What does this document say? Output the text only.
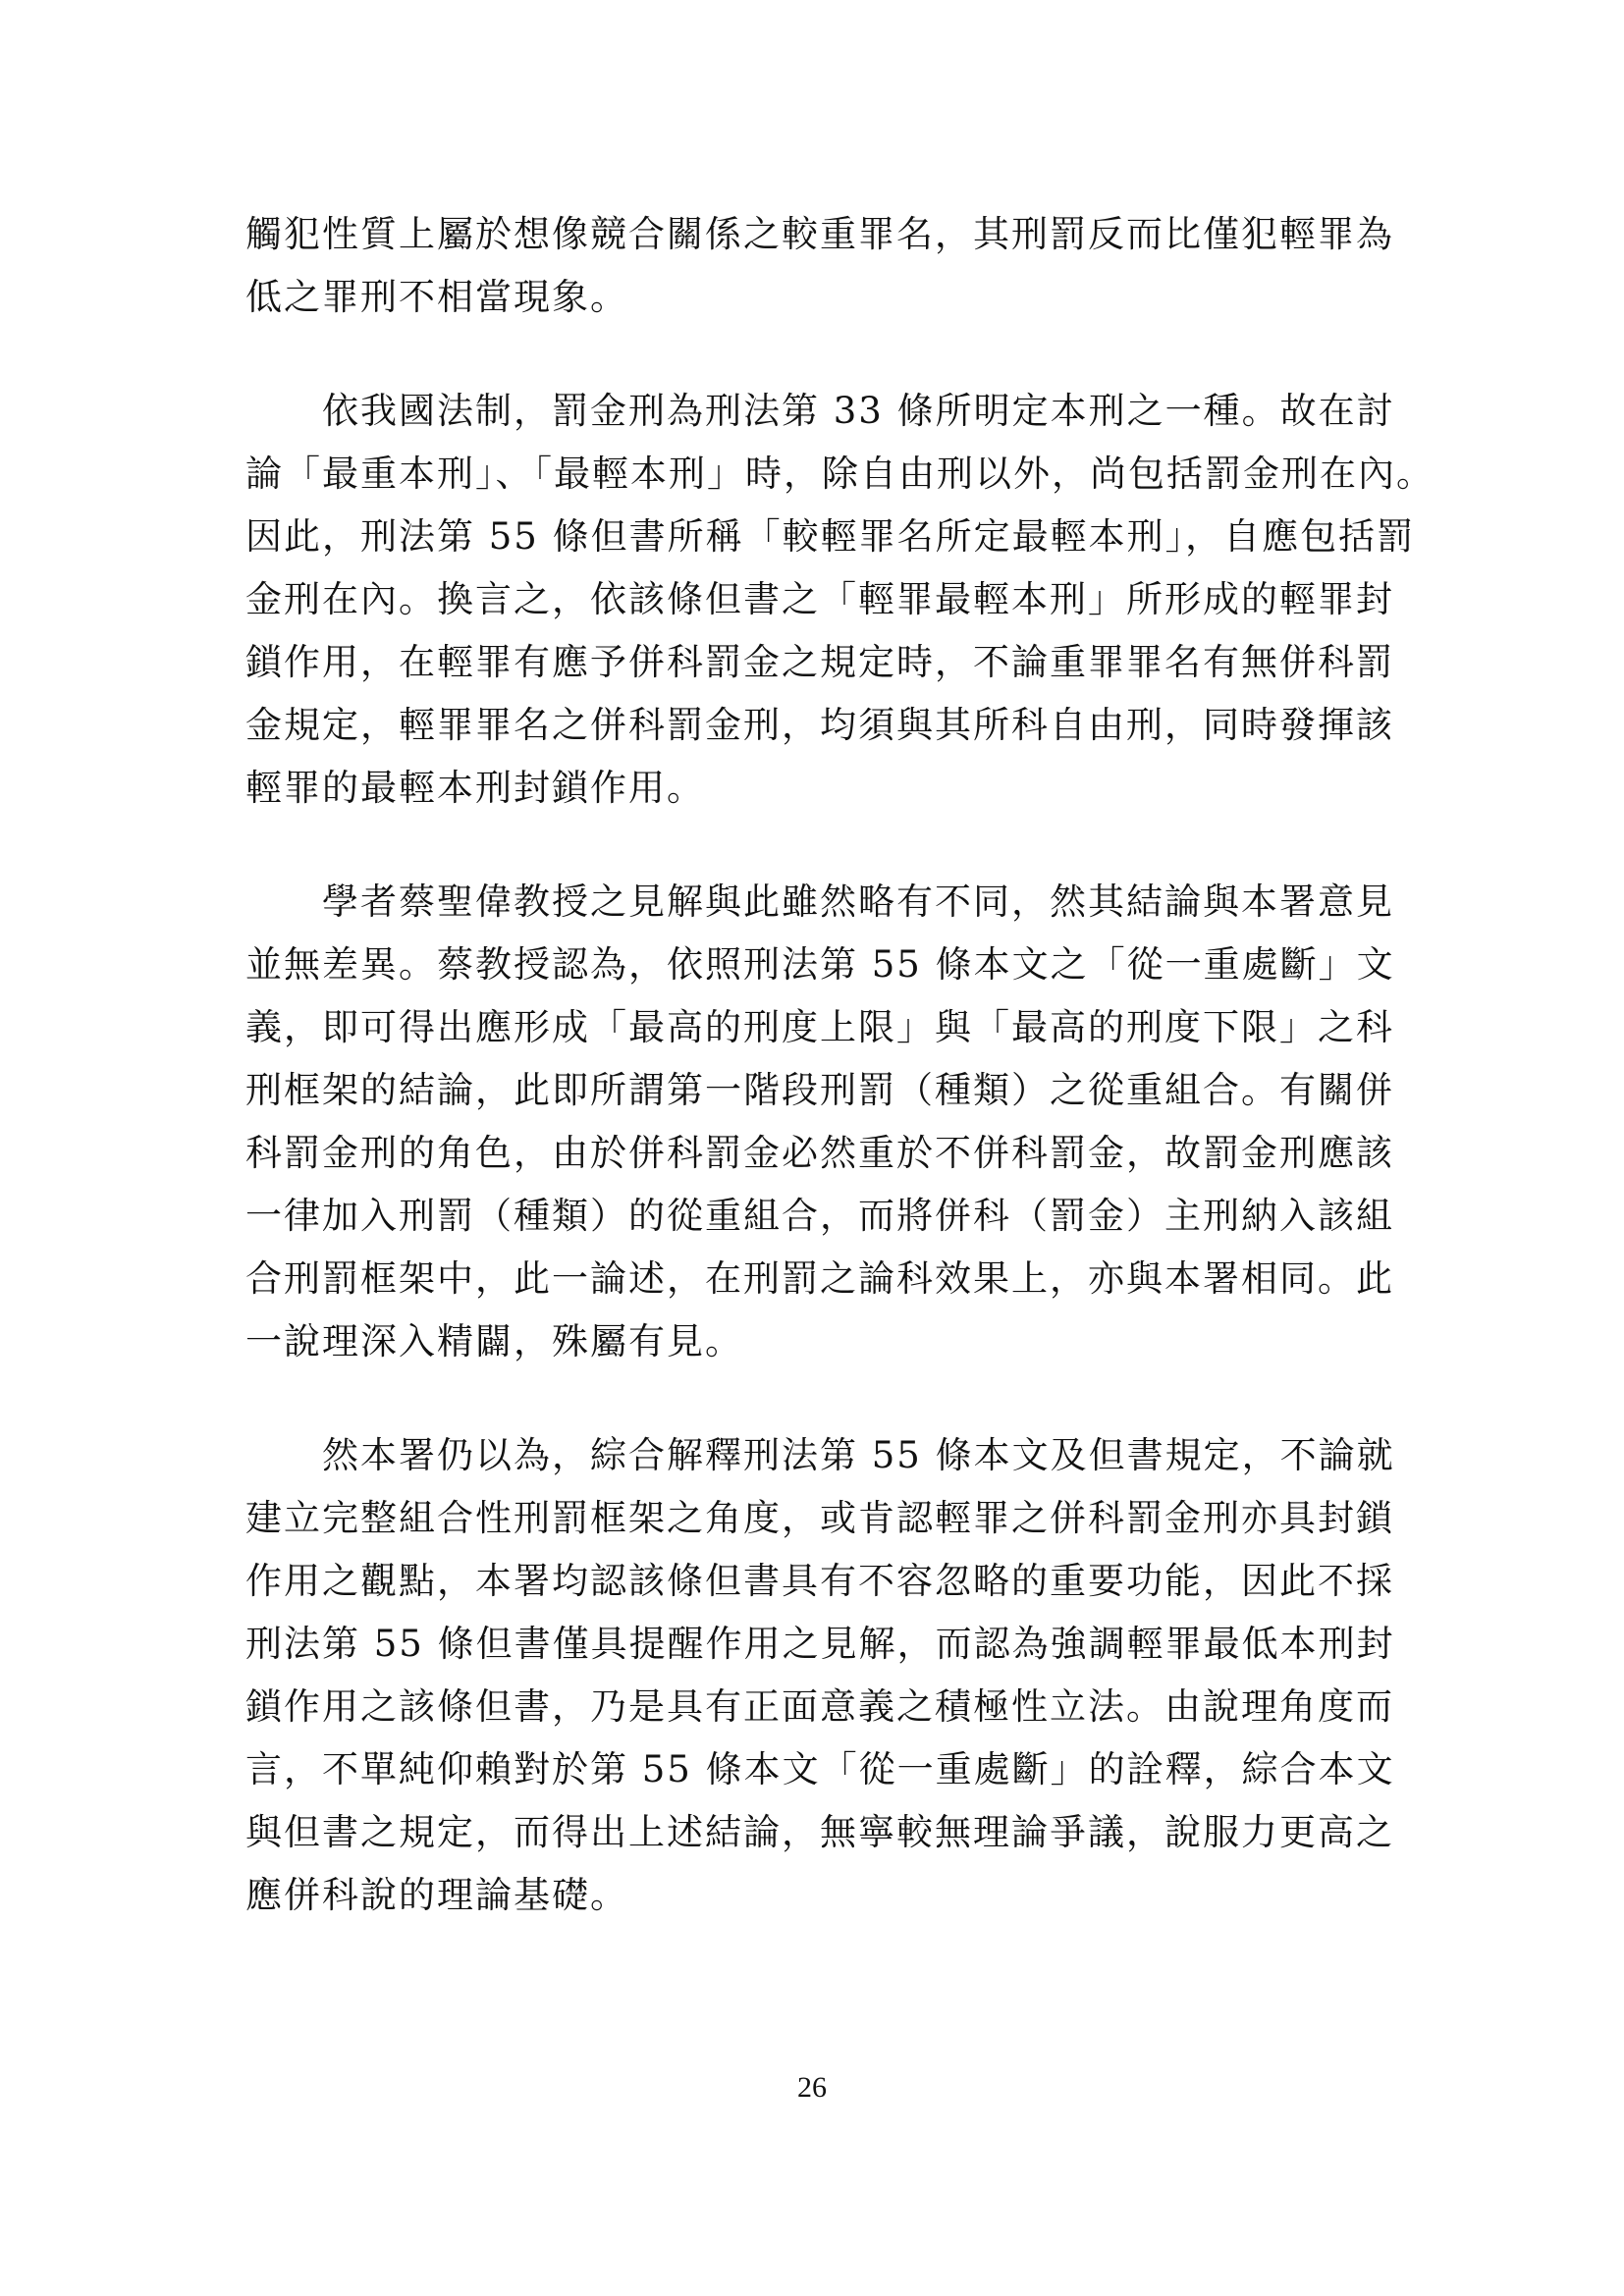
觸犯性質上屬於想像競合關係之較重罪名，其刑罰反而比僅犯輕罪為
低之罪刑不相當現象。
　　依我國法制，罰金刑為刑法第 33 條所明定本刑之一種。故在討
論「最重本刑」、「最輕本刑」時，除自由刑以外，尚包括罰金刑在內。
因此，刑法第 55 條但書所稱「較輕罪名所定最輕本刑」，自應包括罰
金刑在內。換言之，依該條但書之「輕罪最輕本刑」所形成的輕罪封
鎖作用，在輕罪有應予併科罰金之規定時，不論重罪罪名有無併科罰
金規定，輕罪罪名之併科罰金刑，均須與其所科自由刑，同時發揮該
輕罪的最輕本刑封鎖作用。
　　學者蔡聖偉教授之見解與此雖然略有不同，然其結論與本署意見
並無差異。蔡教授認為，依照刑法第 55 條本文之「從一重處斷」文
義，即可得出應形成「最高的刑度上限」與「最高的刑度下限」之科
刑框架的結論，此即所謂第一階段刑罰（種類）之從重組合。有關併
科罰金刑的角色，由於併科罰金必然重於不併科罰金，故罰金刑應該
一律加入刑罰（種類）的從重組合，而將併科（罰金）主刑納入該組
合刑罰框架中，此一論述，在刑罰之論科效果上，亦與本署相同。此
一說理深入精闢，殊屬有見。
　　然本署仍以為，綜合解釋刑法第 55 條本文及但書規定，不論就
建立完整組合性刑罰框架之角度，或肯認輕罪之併科罰金刑亦具封鎖
作用之觀點，本署均認該條但書具有不容忽略的重要功能，因此不採
刑法第 55 條但書僅具提醒作用之見解，而認為強調輕罪最低本刑封
鎖作用之該條但書，乃是具有正面意義之積極性立法。由說理角度而
言，不單純仰賴對於第 55 條本文「從一重處斷」的詮釋，綜合本文
與但書之規定，而得出上述結論，無寧較無理論爭議，說服力更高之
應併科說的理論基礎。
26
